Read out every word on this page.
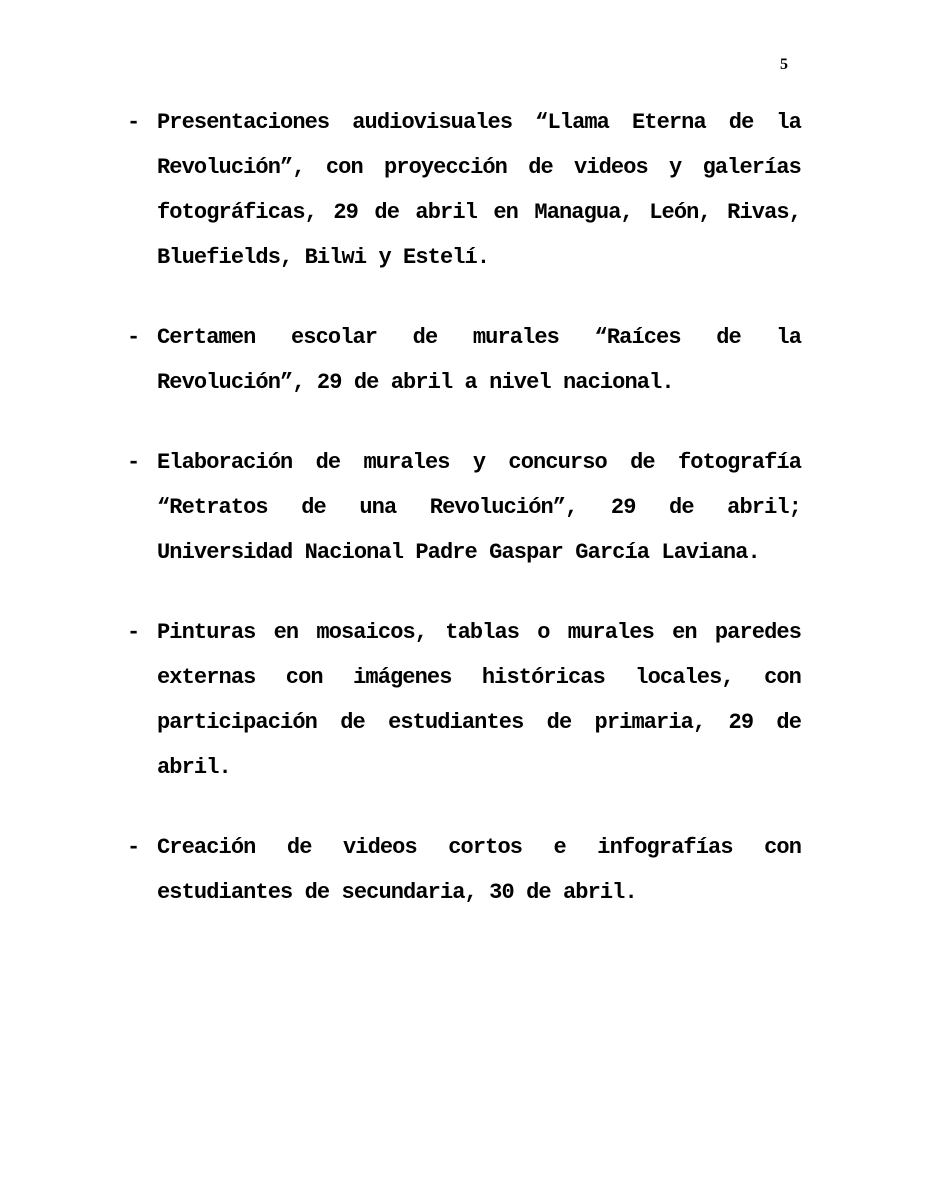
5
- Presentaciones audiovisuales “Llama Eterna de la Revolución”, con proyección de videos y galerías fotográficas, 29 de abril en Managua, León, Rivas, Bluefields, Bilwi y Estelí.
- Certamen escolar de murales “Raíces de la Revolución”, 29 de abril a nivel nacional.
- Elaboración de murales y concurso de fotografía “Retratos de una Revolución”, 29 de abril; Universidad Nacional Padre Gaspar García Laviana.
- Pinturas en mosaicos, tablas o murales en paredes externas con imágenes históricas locales, con participación de estudiantes de primaria, 29 de abril.
- Creación de videos cortos e infografías con estudiantes de secundaria, 30 de abril.
